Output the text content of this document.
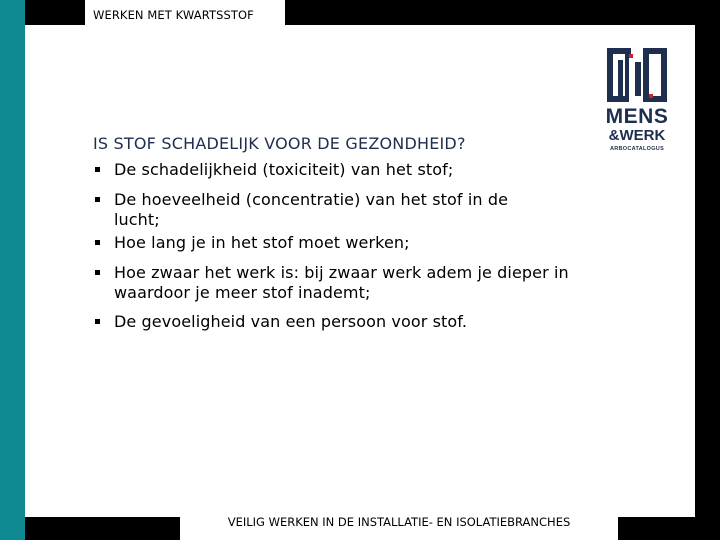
WERKEN MET KWARTSSTOF
MENS
&WERK
ARBOCATALOGUS
IS STOF SCHADELIJK VOOR DE GEZONDHEID?
De schadelijkheid (toxiciteit) van het stof;
De hoeveelheid (concentratie) van het stof in de lucht;
Hoe lang je in het stof moet werken;
Hoe zwaar het werk is: bij zwaar werk adem je dieper in waardoor je meer stof inademt;
De gevoeligheid van een persoon voor stof.
VEILIG WERKEN IN DE INSTALLATIE- EN ISOLATIEBRANCHES
